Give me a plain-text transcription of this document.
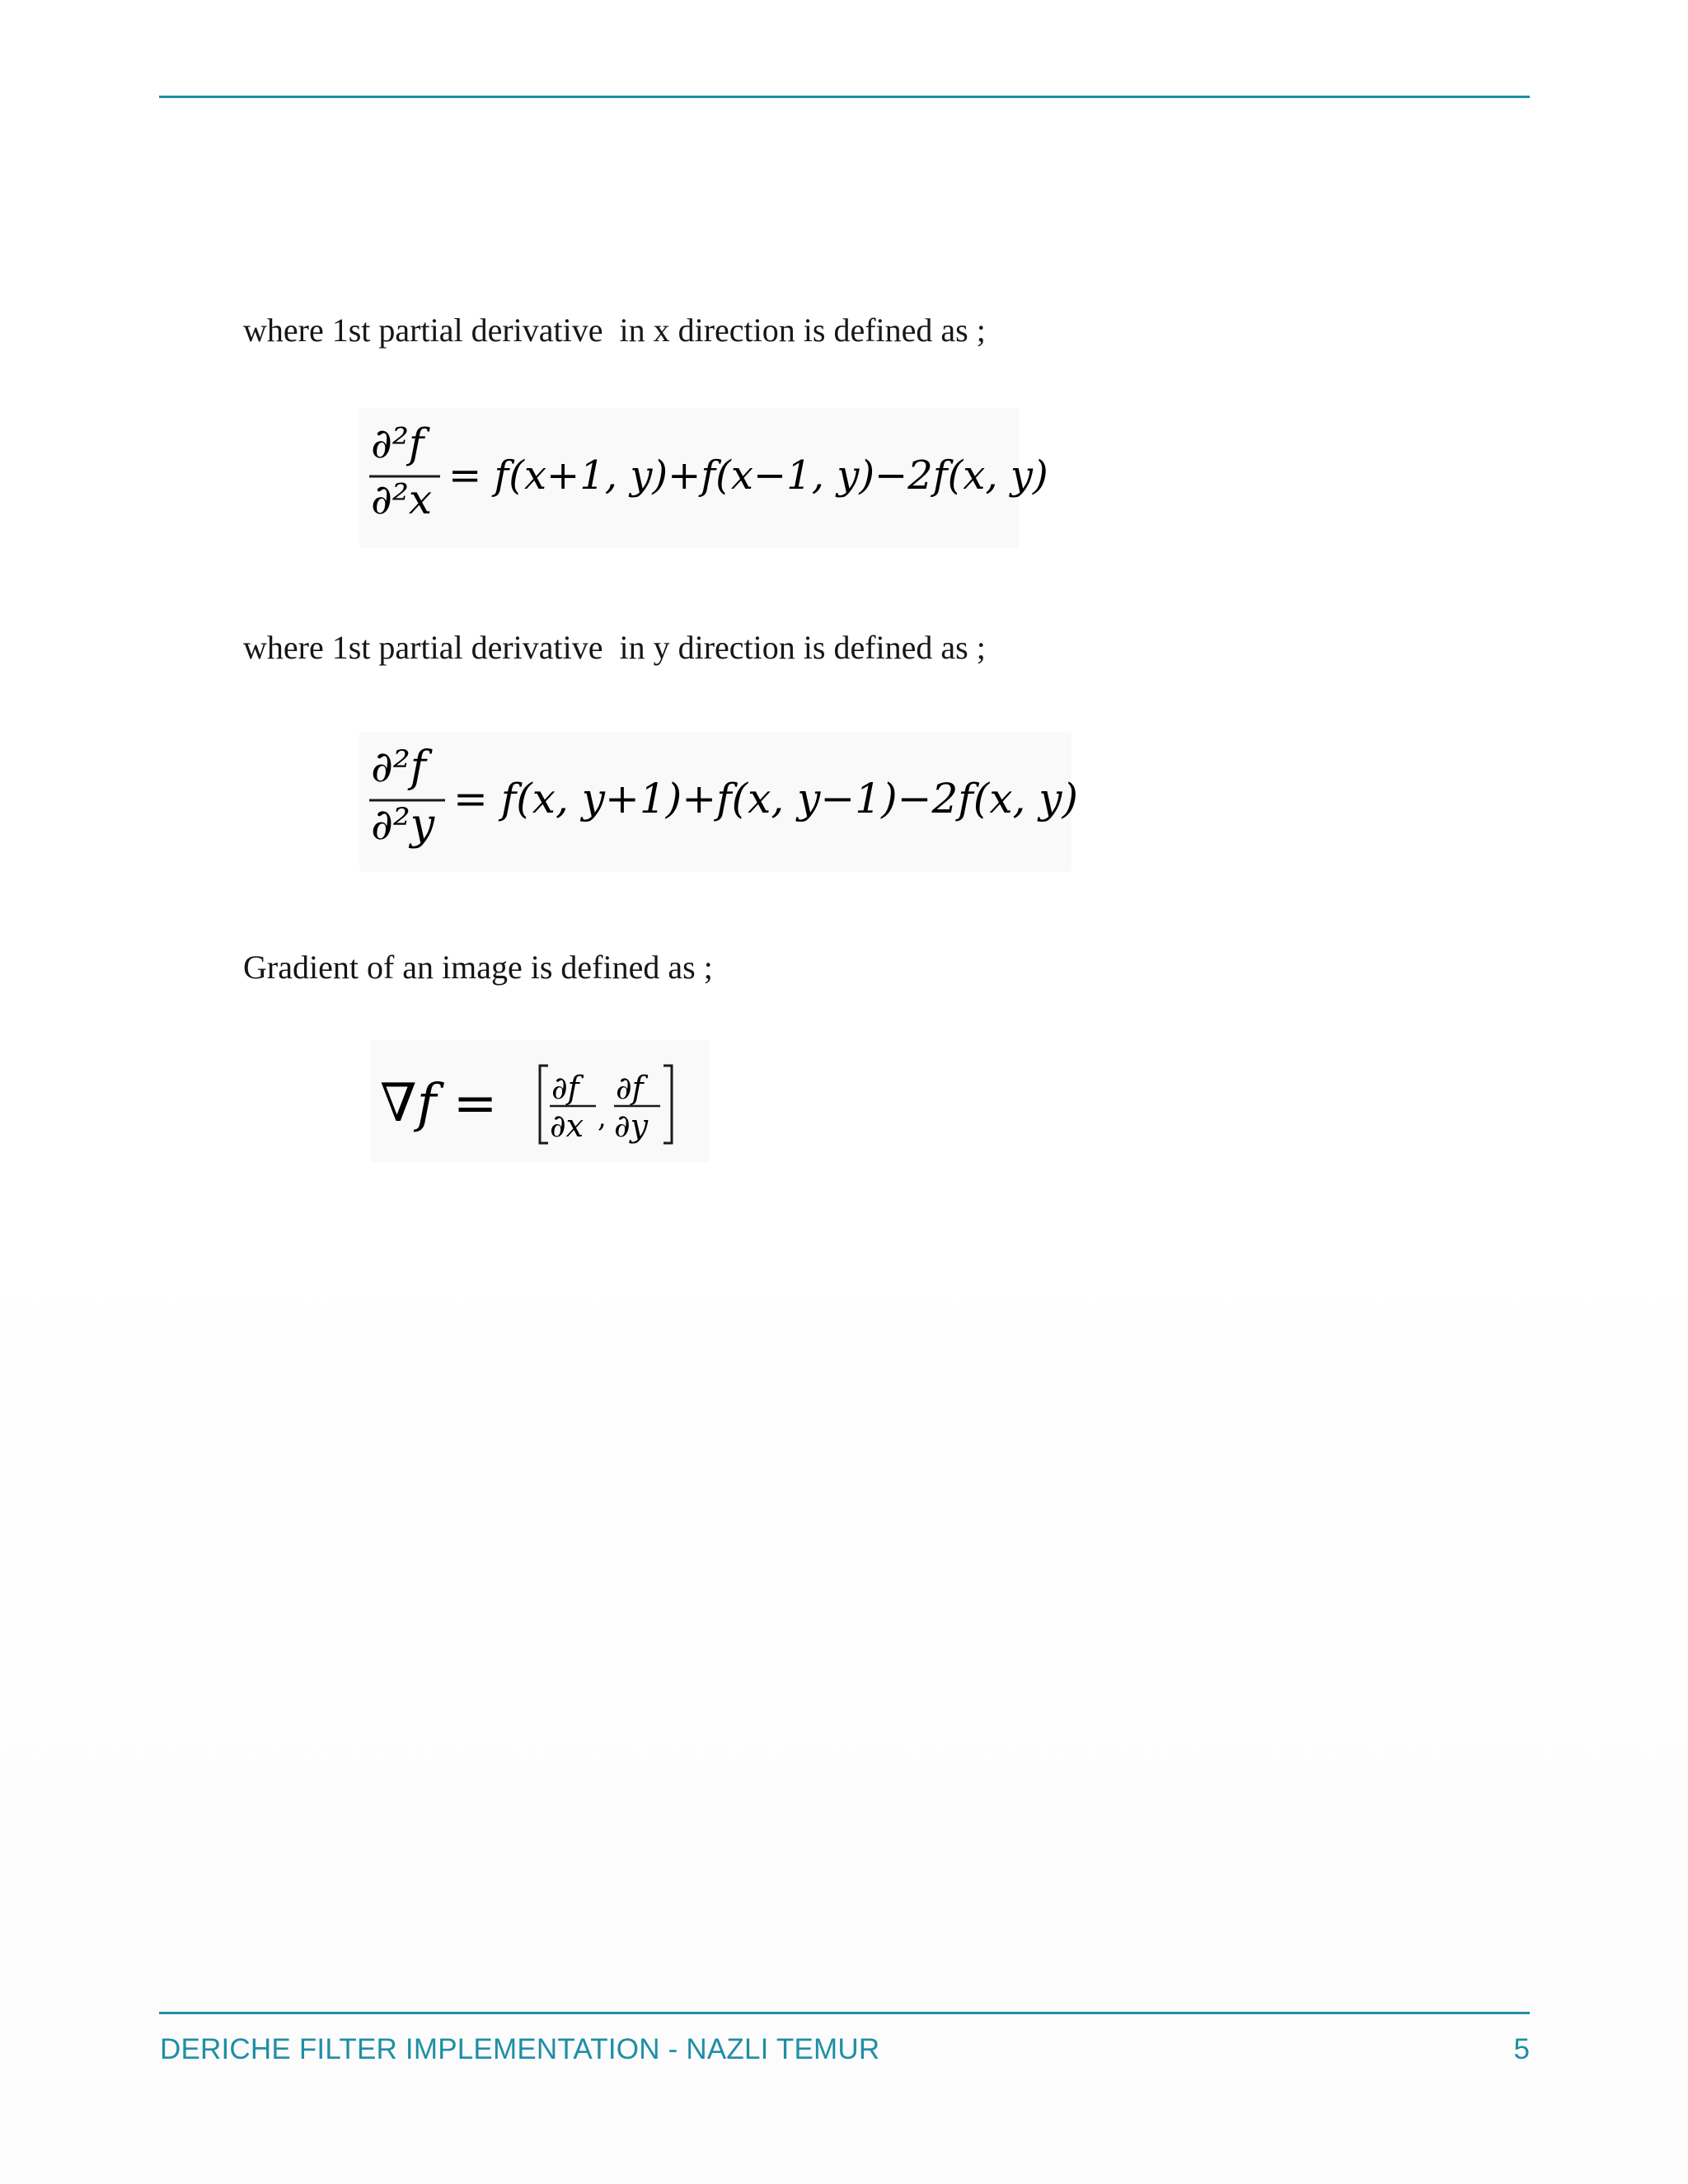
where 1st partial derivative  in x direction is defined as ;

∂²f
∂²x = f(x+1, y)+f(x−1, y)−2f(x, y)

where 1st partial derivative  in y direction is defined as ;

∂²f
∂²y
= f(x, y+1)+f(x, y−1)−2f(x, y)

Gradient of an image is defined as ;

∇f = ∂f
∂x ,
∂f
∂y
DERICHE FILTER IMPLEMENTATION - NAZLI TEMUR	5
